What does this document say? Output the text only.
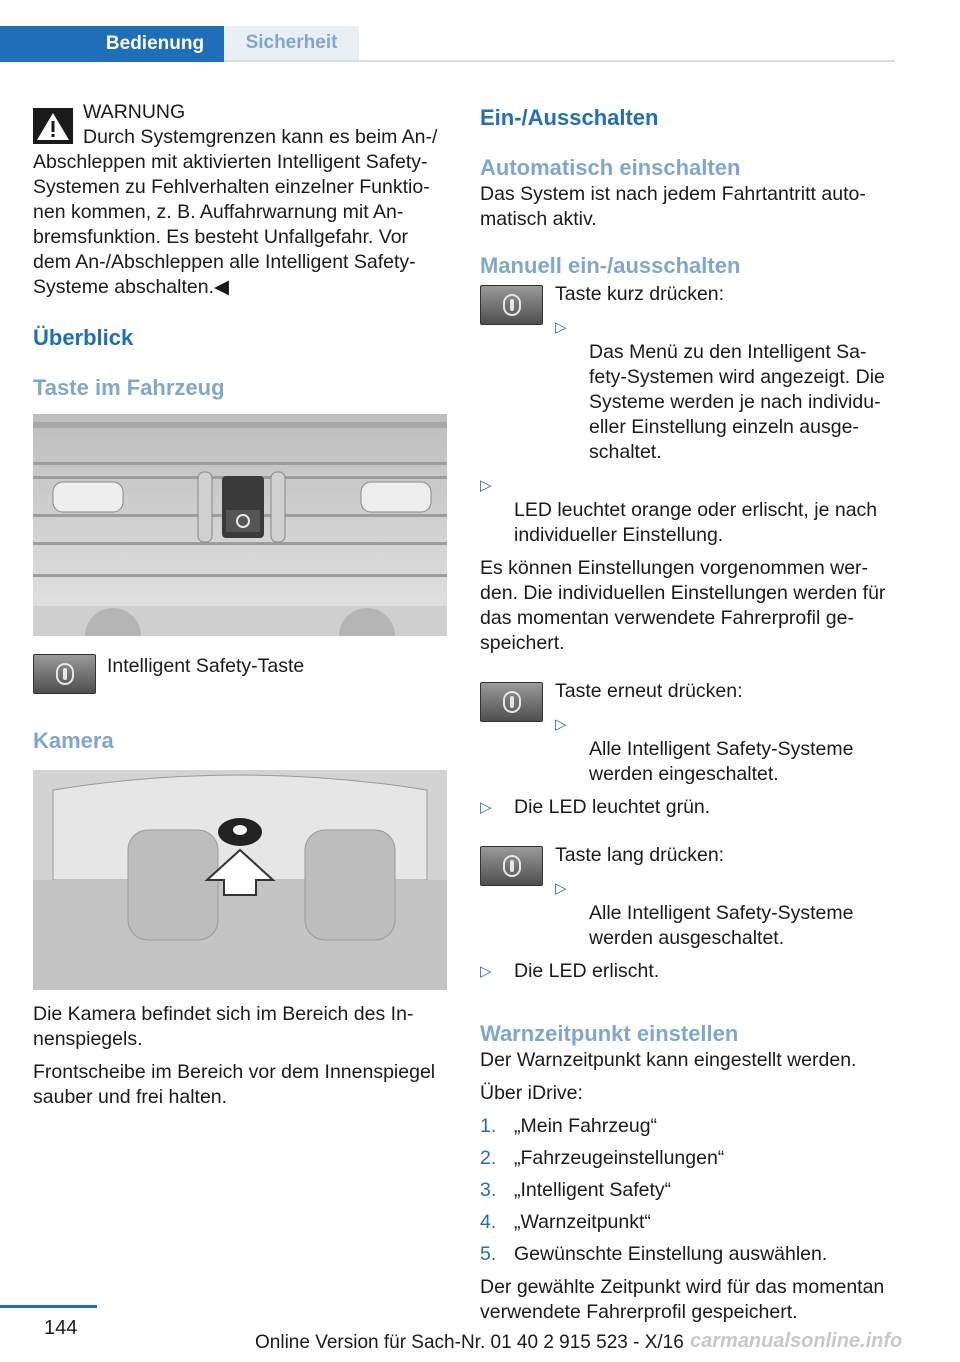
Bedienung Sicherheit
WARNUNG
Durch Systemgrenzen kann es beim An-/
Abschleppen mit aktivierten Intelligent Safety-
Systemen zu Fehlverhalten einzelner Funktio-
nen kommen, z. B. Auffahrwarnung mit An-
bremsfunktion. Es besteht Unfallgefahr. Vor
dem An-/Abschleppen alle Intelligent Safety-
Systeme abschalten.◀
Überblick
Taste im Fahrzeug
Intelligent Safety-Taste
Kamera
Die Kamera befindet sich im Bereich des In-
nenspiegels.
Frontscheibe im Bereich vor dem Innenspiegel
sauber und frei halten.
Ein-/Ausschalten
Automatisch einschalten
Das System ist nach jedem Fahrtantritt auto-
matisch aktiv.
Manuell ein-/ausschalten
Taste kurz drücken:

▷
Das Menü zu den Intelligent Sa-
fety-Systemen wird angezeigt. Die
Systeme werden je nach individu-
eller Einstellung einzeln ausge-
schaltet.

▷
LED leuchtet orange oder erlischt, je nach
individueller Einstellung.

Es können Einstellungen vorgenommen wer-
den. Die individuellen Einstellungen werden für
das momentan verwendete Fahrerprofil ge-
speichert.
Taste erneut drücken:

▷
Alle Intelligent Safety-Systeme
werden eingeschaltet.

▷ Die LED leuchtet grün.
Taste lang drücken:

▷
Alle Intelligent Safety-Systeme
werden ausgeschaltet.

▷ Die LED erlischt.
Warnzeitpunkt einstellen
Der Warnzeitpunkt kann eingestellt werden.
Über iDrive:
1. „Mein Fahrzeug“
2. „Fahrzeugeinstellungen“
3. „Intelligent Safety“
4. „Warnzeitpunkt“
5. Gewünschte Einstellung auswählen.
Der gewählte Zeitpunkt wird für das momentan
verwendete Fahrerprofil gespeichert.
144
Online Version für Sach-Nr. 01 40 2 915 523 - X/16 carmanualsonline.info
